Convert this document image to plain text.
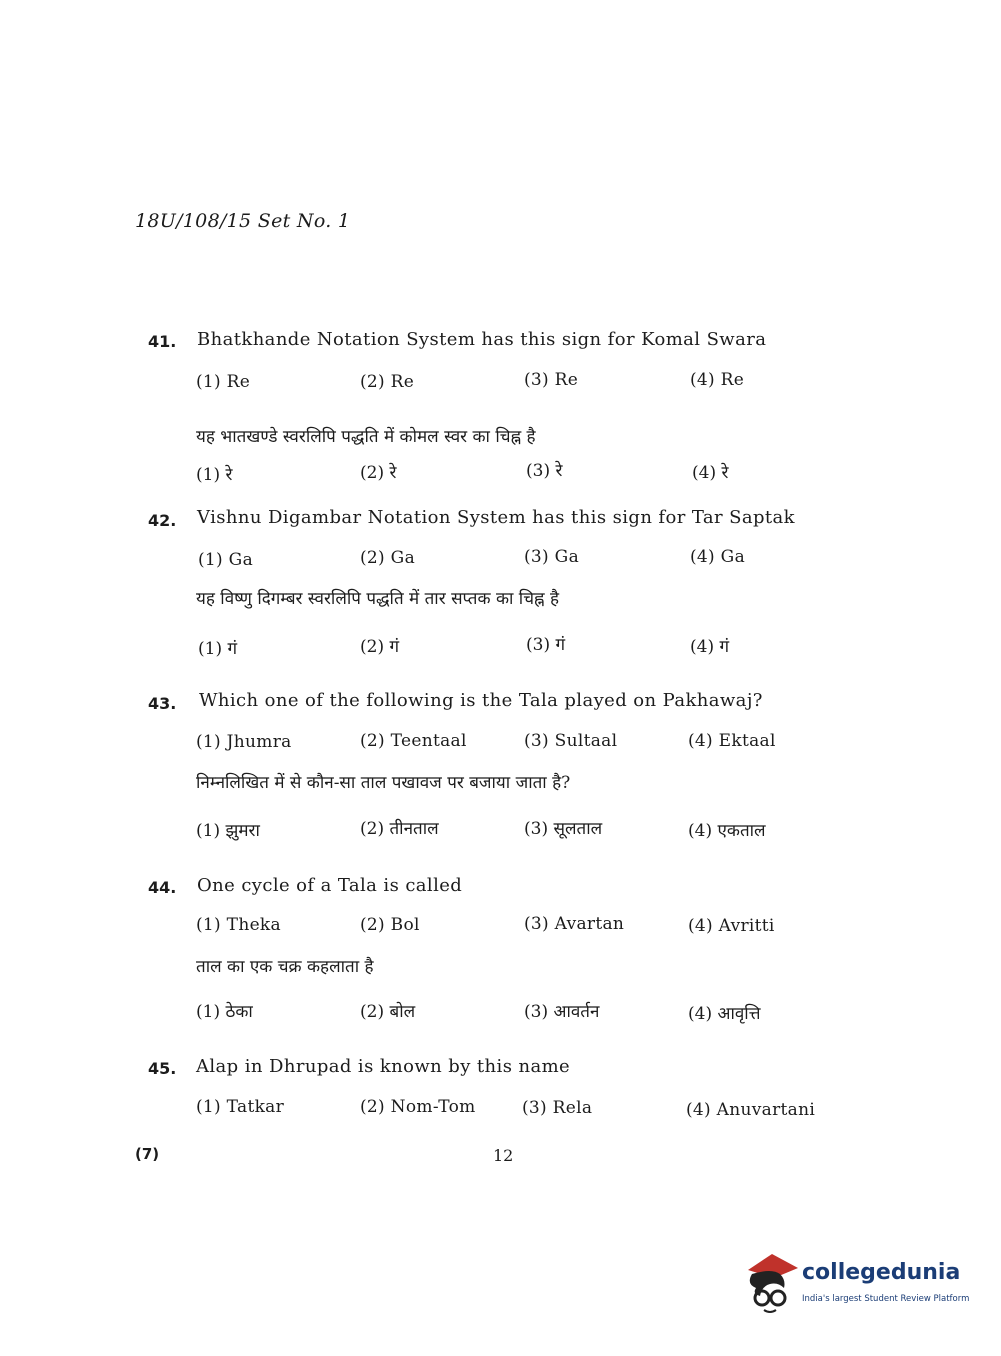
18U/108/15 Set No. 1
41. Bhatkhande Notation System has this sign for Komal Swara
(1) Re	(2) Re	(3) Re	(4) Re
यह भातखण्डे स्वरलिपि पद्धति में कोमल स्वर का चिह्न है
(1) रे	(2) रे	(3) रे	(4) रे
42. Vishnu Digambar Notation System has this sign for Tar Saptak
(1) Ga	(2) Ga	(3) Ga	(4) Ga
यह विष्णु दिगम्बर स्वरलिपि पद्धति में तार सप्तक का चिह्न है
(1) गं	(2) गं	(3) गं	(4) गं
43. Which one of the following is the Tala played on Pakhawaj?
(1) Jhumra	(2) Teentaal	(3) Sultaal	(4) Ektaal
निम्नलिखित में से कौन-सा ताल पखावज पर बजाया जाता है?
(1) झुमरा	(2) तीनताल	(3) सूलताल	(4) एकताल
44. One cycle of a Tala is called
(1) Theka	(2) Bol	(3) Avartan	(4) Avritti
ताल का एक चक्र कहलाता है
(1) ठेका	(2) बोल	(3) आवर्तन	(4) आवृत्ति
45. Alap in Dhrupad is known by this name
(1) Tatkar	(2) Nom-Tom	(3) Rela	(4) Anuvartani
(7)	12
collegedunia
India's largest Student Review Platform
